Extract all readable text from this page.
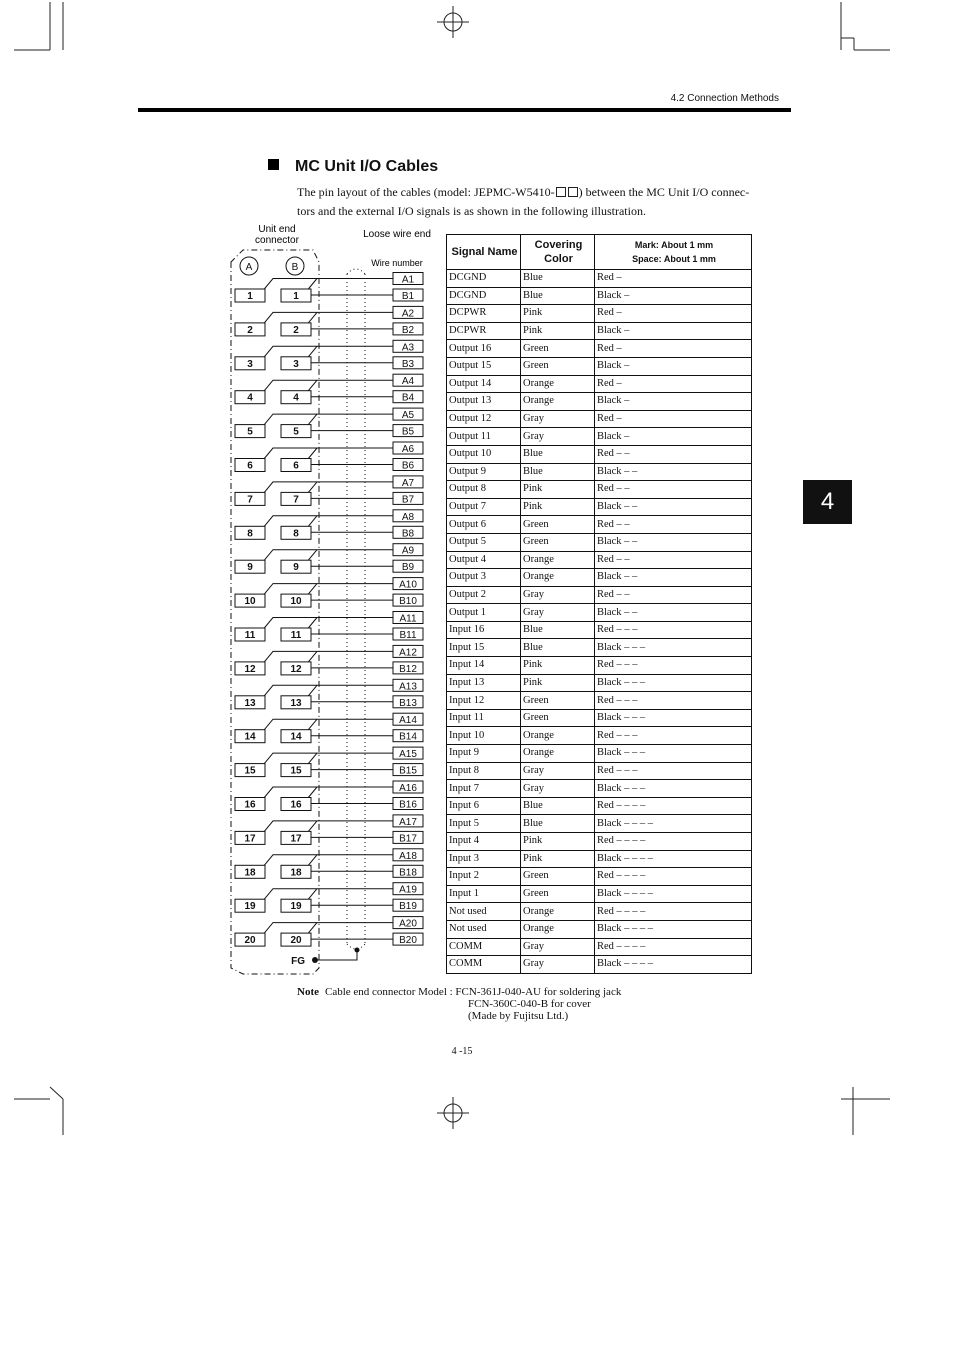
4.2 Connection Methods
MC Unit I/O Cables
The pin layout of the cables (model: JEPMC-W5410- ) between the MC Unit I/O connec-
tors and the external I/O signals is as shown in the following illustration.
4
Unit end
connector
Loose wire end
Wire number
A	B
1	1
2	2
3	3
4	4
5	5
6	6
7	7
8	8
9	9
10	10
11	11
12	12
13	13
14	14
15	15
16	16
17	17
18	18
19	19
20	20
A1
B1
A2
B2
A3
B3
A4
B4
A5
B5
A6
B6
A7
B7
A8
B8
A9
B9
A10
B10
A11
B11
A12
B12
A13
B13
A14
B14
A15
B15
A16
B16
A17
B17
A18
B18
A19
B19
A20
B20
FG
Signal Name	Covering Color	Mark: About 1 mm
Space: About 1 mm
DCGND	Blue	Red –
DCGND	Blue	Black –
DCPWR	Pink	Red –
DCPWR	Pink	Black –
Output 16	Green	Red –
Output 15	Green	Black –
Output 14	Orange	Red –
Output 13	Orange	Black –
Output 12	Gray	Red –
Output 11	Gray	Black –
Output 10	Blue	Red – –
Output 9	Blue	Black – –
Output 8	Pink	Red – –
Output 7	Pink	Black – –
Output 6	Green	Red – –
Output 5	Green	Black – –
Output 4	Orange	Red – –
Output 3	Orange	Black – –
Output 2	Gray	Red – –
Output 1	Gray	Black – –
Input 16	Blue	Red – – –
Input 15	Blue	Black – – –
Input 14	Pink	Red – – –
Input 13	Pink	Black – – –
Input 12	Green	Red – – –
Input 11	Green	Black – – –
Input 10	Orange	Red – – –
Input 9	Orange	Black – – –
Input 8	Gray	Red – – –
Input 7	Gray	Black – – –
Input 6	Blue	Red – – – –
Input 5	Blue	Black – – – –
Input 4	Pink	Red – – – –
Input 3	Pink	Black – – – –
Input 2	Green	Red – – – –
Input 1	Green	Black – – – –
Not used	Orange	Red – – – –
Not used	Orange	Black – – – –
COMM	Gray	Red – – – –
COMM	Gray	Black – – – –
Note Cable end connector Model : FCN-361J-040-AU for soldering jack
FCN-360C-040-B for cover
(Made by Fujitsu Ltd.)
4 -15
